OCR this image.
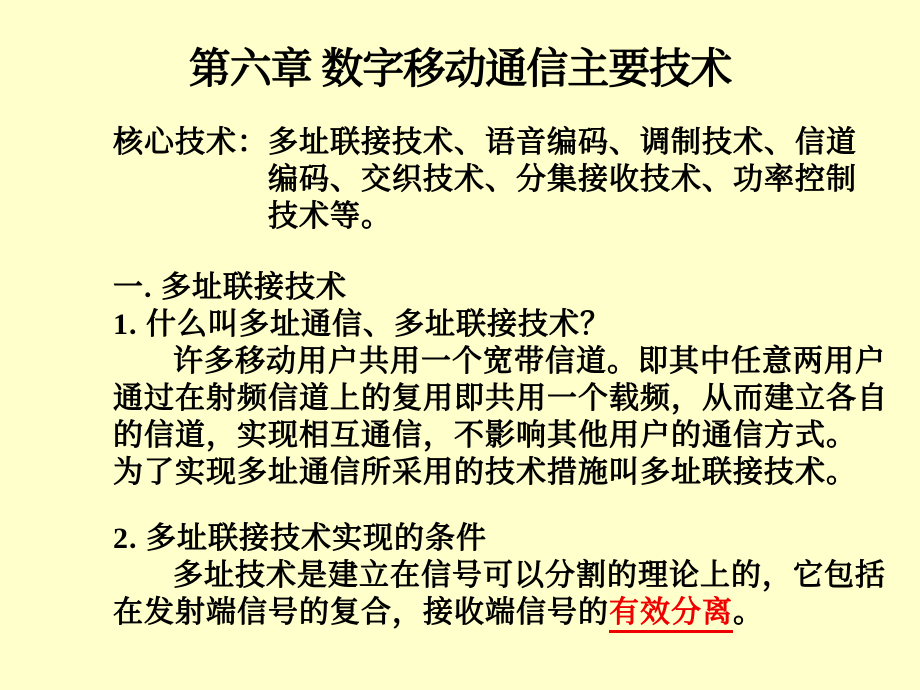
第六章 数字移动通信主要技术
核心技术： 多址联接技术、语音编码、调制技术、信道
编码、交织技术、分集接收技术、功率控制
技术等。
一. 多址联接技术
1. 什么叫多址通信、多址联接技术？
许多移动用户共用一个宽带信道。即其中任意两用户
通过在射频信道上的复用即共用一个载频，从而建立各自
的信道，实现相互通信，不影响其他用户的通信方式。
为了实现多址通信所采用的技术措施叫多址联接技术。
2. 多址联接技术实现的条件
多址技术是建立在信号可以分割的理论上的，它包括
在发射端信号的复合，接收端信号的有效分离。
